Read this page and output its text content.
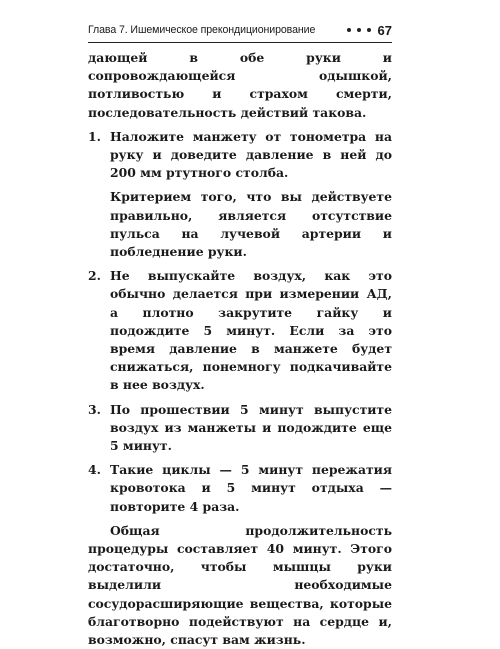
Глава 7. Ишемическое прекондиционирование	67

дающей в обе руки и сопровождающейся одышкой, потливостью и страхом смерти, последовательность действий такова.

1. Наложите манжету от тонометра на руку и доведите давление в ней до 200 мм ртутного столба.

Критерием того, что вы действуете правильно, является отсутствие пульса на лучевой артерии и побледнение руки.

2. Не выпускайте воздух, как это обычно делается при измерении АД, а плотно закрутите гайку и подождите 5 минут. Если за это время давление в манжете будет снижаться, понемногу подкачивайте в нее воздух.

3. По прошествии 5 минут выпустите воздух из манжеты и подождите еще 5 минут.

4. Такие циклы — 5 минут пережатия кровотока и 5 минут отдыха — повторите 4 раза.

Общая продолжительность процедуры составляет 40 минут. Этого достаточно, чтобы мышцы руки выделили необходимые сосудорасширяющие вещества, которые благотворно подействуют на сердце и, возможно, спасут вам жизнь.
